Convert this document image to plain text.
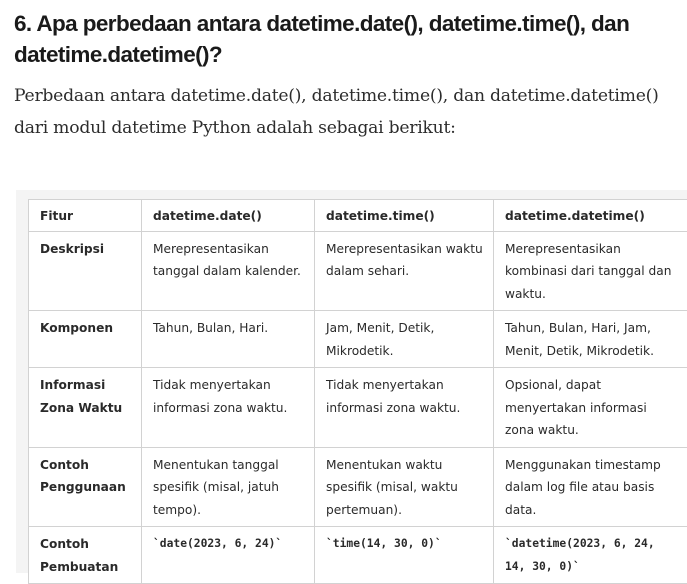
6. Apa perbedaan antara datetime.date(), datetime.time(), dan datetime.datetime()?

Perbedaan antara datetime.date(), datetime.time(), dan datetime.datetime() dari modul datetime Python adalah sebagai berikut:

Fitur	datetime.date()	datetime.time()	datetime.datetime()
Deskripsi	Merepresentasikan tanggal dalam kalender.	Merepresentasikan waktu dalam sehari.	Merepresentasikan kombinasi dari tanggal dan waktu.
Komponen	Tahun, Bulan, Hari.	Jam, Menit, Detik, Mikrodetik.	Tahun, Bulan, Hari, Jam, Menit, Detik, Mikrodetik.
Informasi Zona Waktu	Tidak menyertakan informasi zona waktu.	Tidak menyertakan informasi zona waktu.	Opsional, dapat menyertakan informasi zona waktu.
Contoh Penggunaan	Menentukan tanggal spesifik (misal, jatuh tempo).	Menentukan waktu spesifik (misal, waktu pertemuan).	Menggunakan timestamp dalam log file atau basis data.
Contoh Pembuatan	`date(2023, 6, 24)`	`time(14, 30, 0)`	`datetime(2023, 6, 24, 14, 30, 0)`
